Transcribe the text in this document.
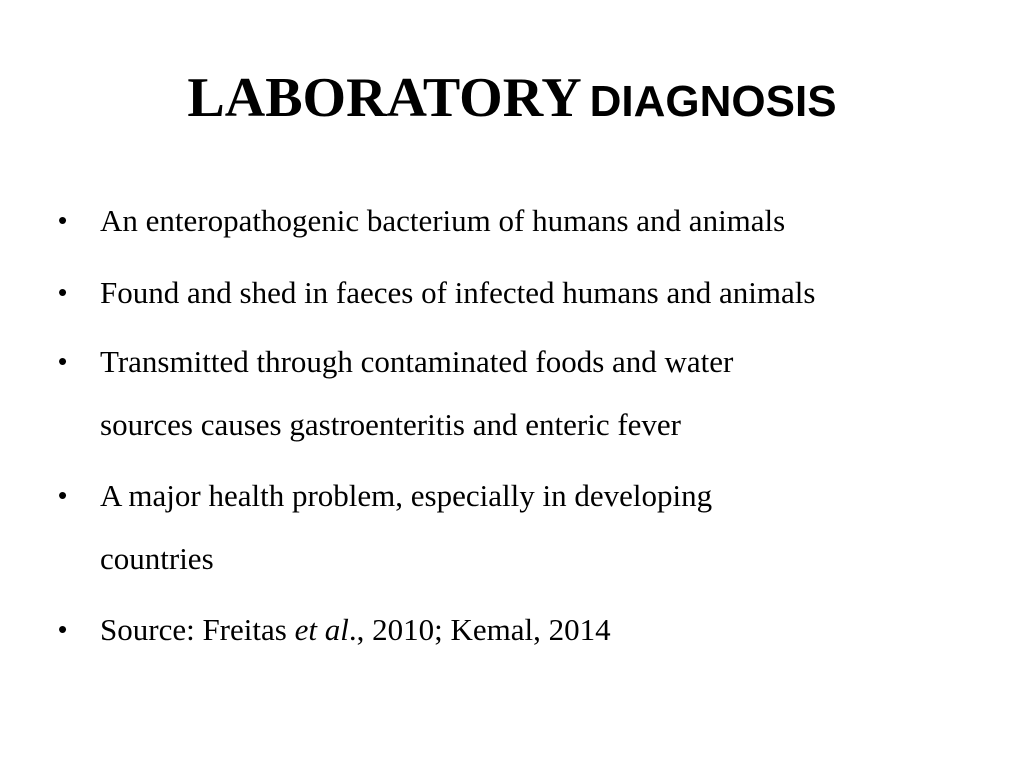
LABORATORY DIAGNOSIS
•	An enteropathogenic bacterium of humans and animals
•	Found and shed in faeces of infected humans and animals
•	Transmitted through contaminated foods and water
sources causes gastroenteritis and enteric fever
•	A major health problem, especially in developing
countries
•	Source: Freitas et al., 2010; Kemal, 2014
